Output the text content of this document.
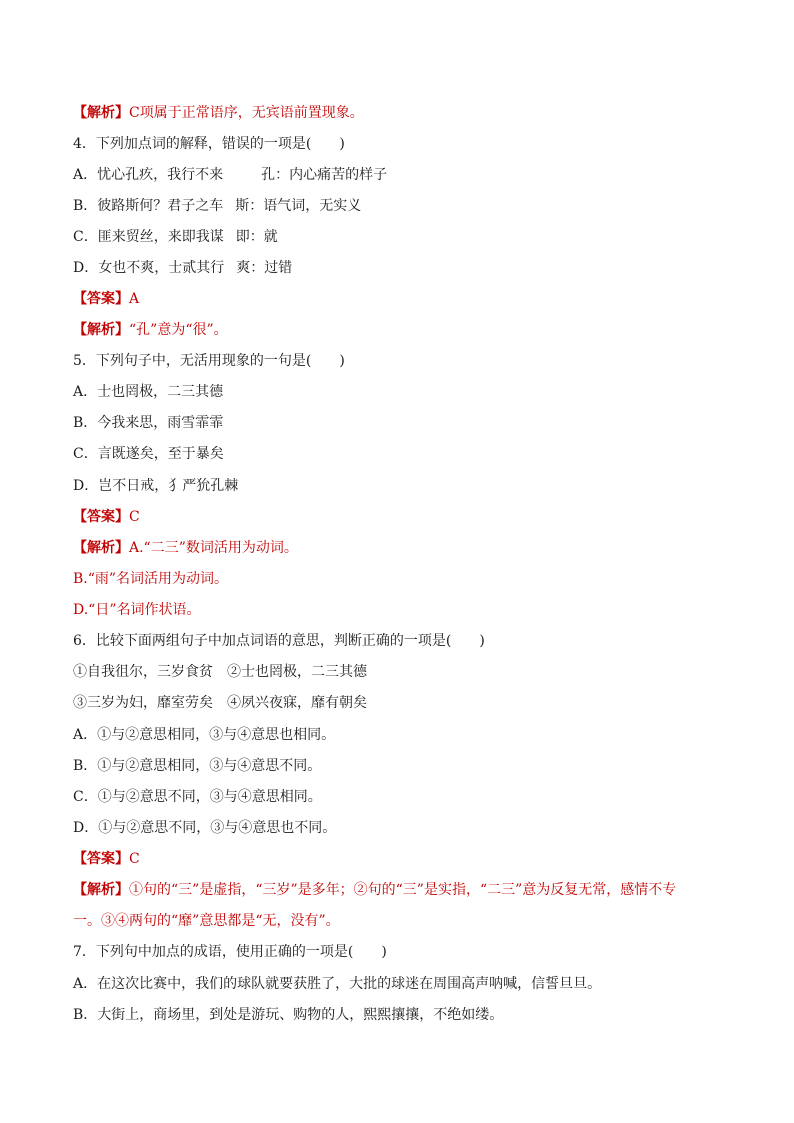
【解析】C项属于正常语序，无宾语前置现象。
4．下列加点词的解释，错误的一项是(　　)
A．忧心孔疚，我行不来	孔：内心痛苦的样子
B．彼路斯何？君子之车 斯：语气词，无实义
C．匪来贸丝，来即我谋 即：就
D．女也不爽，士贰其行 爽：过错
【答案】A
【解析】“孔”意为“很”。
5．下列句子中，无活用现象的一句是(　　)
A．士也罔极，二三其德
B．今我来思，雨雪霏霏
C．言既遂矣，至于暴矣
D．岂不日戒，犭严狁孔棘
【答案】C
【解析】A.“二三”数词活用为动词。
B.“雨”名词活用为动词。
D.“日”名词作状语。
6．比较下面两组句子中加点词语的意思，判断正确的一项是(　　)
①自我徂尔，三岁食贫　②士也罔极，二三其德
③三岁为妇，靡室劳矣　④夙兴夜寐，靡有朝矣
A．①与②意思相同，③与④意思也相同。
B．①与②意思相同，③与④意思不同。
C．①与②意思不同，③与④意思相同。
D．①与②意思不同，③与④意思也不同。
【答案】C
【解析】①句的“三”是虚指，“三岁”是多年；②句的“三”是实指，“二三”意为反复无常，感情不专
一。③④两句的“靡”意思都是“无，没有”。
7．下列句中加点的成语，使用正确的一项是(　　)
A．在这次比赛中，我们的球队就要获胜了，大批的球迷在周围高声呐喊，信誓旦旦。
B．大街上，商场里，到处是游玩、购物的人，熙熙攘攘，不绝如缕。
